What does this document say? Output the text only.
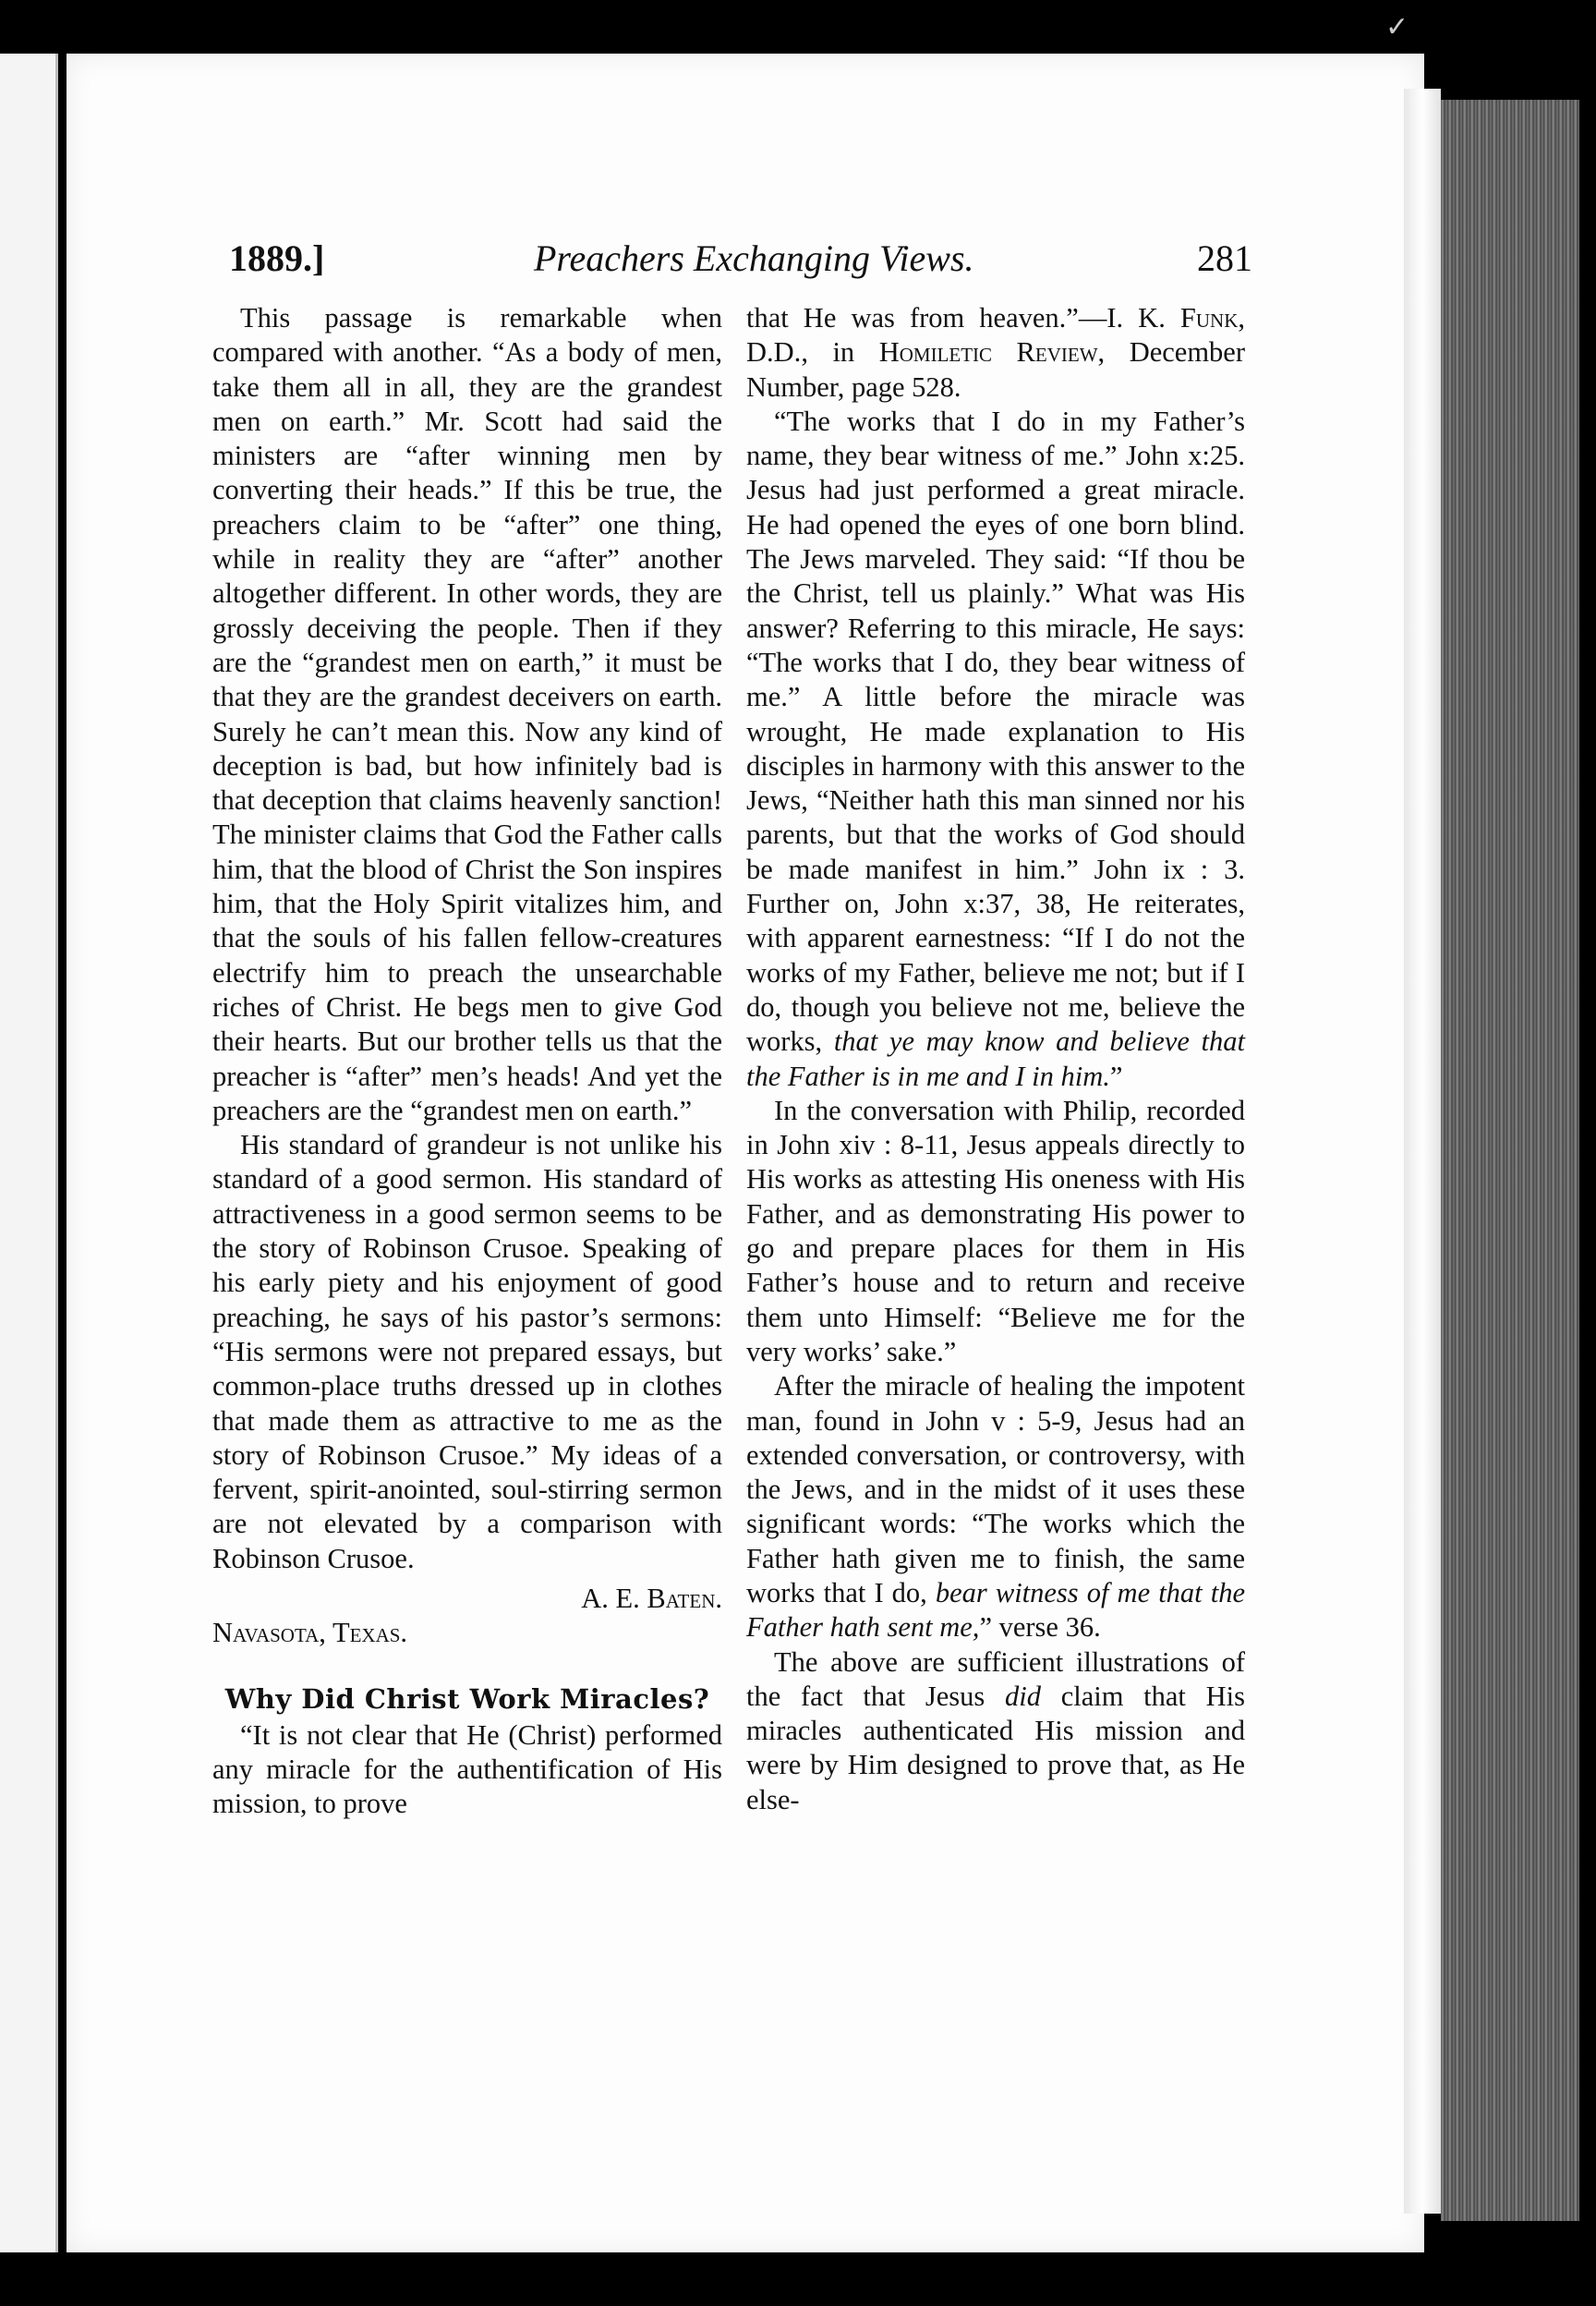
✓
1889.]	Preachers Exchanging Views.	281

This passage is remarkable when compared with another. “As a body of men, take them all in all, they are the grandest men on earth.” Mr. Scott had said the ministers are “after winning men by converting their heads.” If this be true, the preachers claim to be “after” one thing, while in reality they are “after” another altogether different. In other words, they are grossly deceiving the people. Then if they are the “grandest men on earth,” it must be that they are the grandest deceivers on earth. Surely he can’t mean this. Now any kind of deception is bad, but how infinitely bad is that deception that claims heavenly sanction! The minister claims that God the Father calls him, that the blood of Christ the Son inspires him, that the Holy Spirit vitalizes him, and that the souls of his fallen fellow-creatures electrify him to preach the unsearchable riches of Christ. He begs men to give God their hearts. But our brother tells us that the preacher is “after” men’s heads! And yet the preachers are the “grandest men on earth.”

His standard of grandeur is not unlike his standard of a good sermon. His standard of attractiveness in a good sermon seems to be the story of Robinson Crusoe. Speaking of his early piety and his enjoyment of good preaching, he says of his pastor’s sermons: “His sermons were not prepared essays, but common-place truths dressed up in clothes that made them as attractive to me as the story of Robinson Crusoe.” My ideas of a fervent, spirit-anointed, soul-stirring sermon are not elevated by a comparison with Robinson Crusoe.

A. E. Baten.
Navasota, Texas.
Why Did Christ Work Miracles?

“It is not clear that He (Christ) performed any miracle for the authentification of His mission, to prove

that He was from heaven.”—I. K. Funk, D.D., in Homiletic Review, December Number, page 528.

“The works that I do in my Father’s name, they bear witness of me.” John x:25. Jesus had just performed a great miracle. He had opened the eyes of one born blind. The Jews marveled. They said: “If thou be the Christ, tell us plainly.” What was His answer? Referring to this miracle, He says: “The works that I do, they bear witness of me.” A little before the miracle was wrought, He made explanation to His disciples in harmony with this answer to the Jews, “Neither hath this man sinned nor his parents, but that the works of God should be made manifest in him.” John ix : 3. Further on, John x:37, 38, He reiterates, with apparent earnestness: “If I do not the works of my Father, believe me not; but if I do, though you believe not me, believe the works, that ye may know and believe that the Father is in me and I in him.”

In the conversation with Philip, recorded in John xiv : 8-11, Jesus appeals directly to His works as attesting His oneness with His Father, and as demonstrating His power to go and prepare places for them in His Father’s house and to return and receive them unto Himself: “Believe me for the very works’ sake.”

After the miracle of healing the impotent man, found in John v : 5-9, Jesus had an extended conversation, or controversy, with the Jews, and in the midst of it uses these significant words: “The works which the Father hath given me to finish, the same works that I do, bear witness of me that the Father hath sent me,” verse 36.

The above are sufficient illustrations of the fact that Jesus did claim that His miracles authenticated His mission and were by Him designed to prove that, as He else-
